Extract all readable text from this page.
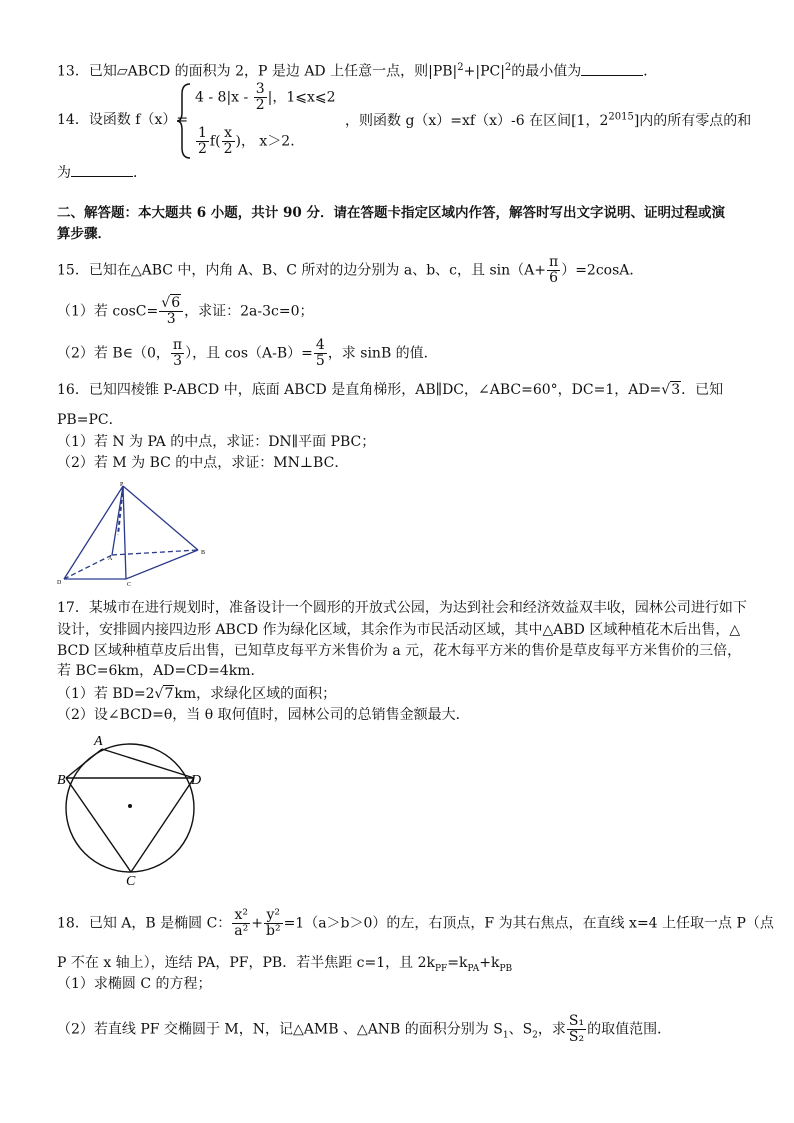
13．已知▱ABCD 的面积为 2，P 是边 AD 上任意一点，则$|PB|^2+|PC|^2$的最小值为	．
14．设函数 f（x）=
$4 - 8|x - \frac{3}{2}$ |，1⩽x⩽2
$\frac{1}{2} f( \frac{x}{2}$ )， x＞2.
，则函数 g（x）=xf（x）-6 在区间[1，$2^{2015}$]内的所有零点的和
为	．
二、解答题：本大题共 6 小题，共计 90 分．请在答题卡指定区域内作答，解答时写出文字说明、证明过程或演
算步骤．
15．已知在△ABC 中，内角 A、B、C 所对的边分别为 a、b、c，且 $\sin(A+ \frac{\pi}{6} )=2\cos A$．
（1）若 $\cos C= \frac{√6}{3}$ ，求证：2a-3c=0；
（2）若 B∈（0， $\frac{\pi}{3}$ ），且 $\cos(A-B)= \frac{4}{5}$ ，求 sinB 的值．
16．已知四棱锥 P-ABCD 中，底面 ABCD 是直角梯形，AB∥DC，∠ABC=60°，DC=1，AD=√3．已知
PB=PC．
（1）若 N 为 PA 的中点，求证：DN∥平面 PBC；
（2）若 M 为 BC 的中点，求证：MN⊥BC．
P
A
B
C
D
17．某城市在进行规划时，准备设计一个圆形的开放式公园，为达到社会和经济效益双丰收，园林公司进行如下
设计，安排圆内接四边形 ABCD 作为绿化区域，其余作为市民活动区域，其中△ABD 区域种植花木后出售，△
BCD 区域种植草皮后出售，已知草皮每平方米售价为 a 元，花木每平方米的售价是草皮每平方米售价的三倍，
若 BC=6km，AD=CD=4km．
（1）若 BD=2√7km，求绿化区域的面积；
（2）设∠BCD=θ，当 θ 取何值时，园林公司的总销售金额最大．
A
B
C
D
18．已知 A，B 是椭圆 C： $\frac{\text{x²}}{\text{a²}} + \frac{\text{y²}}{\text{b²}} =1(a>b>0)$的左，右顶点，F 为其右焦点，在直线 x=4 上任取一点 P（点
P 不在 x 轴上），连结 PA，PF，PB．若半焦距 c=1，且 $2k_{PF}=k_{PA}+k_{PB}$
（1）求椭圆 C 的方程；
（2）若直线 PF 交椭圆于 M，N，记△AMB 、△ANB 的面积分别为 $S_1$、$S_2$，求 $\frac{\text{S₁}}{\text{S₂}}$ 的取值范围．
